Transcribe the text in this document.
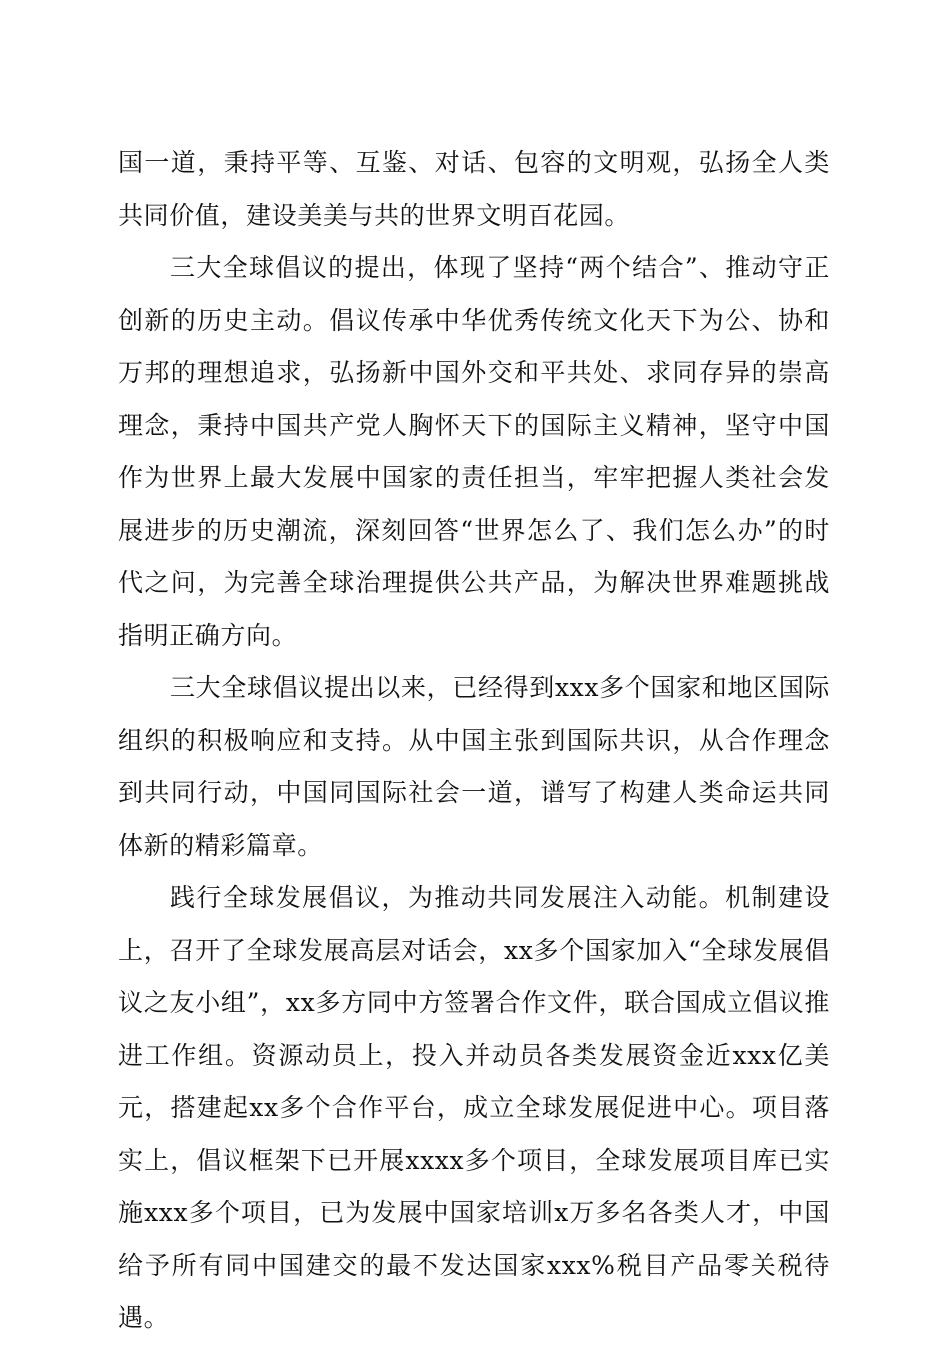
国一道，秉持平等、互鉴、对话、包容的文明观，弘扬全人类共同价值，建设美美与共的世界文明百花园。

三大全球倡议的提出，体现了坚持“两个结合”、推动守正创新的历史主动。倡议传承中华优秀传统文化天下为公、协和万邦的理想追求，弘扬新中国外交和平共处、求同存异的崇高理念，秉持中国共产党人胸怀天下的国际主义精神，坚守中国作为世界上最大发展中国家的责任担当，牢牢把握人类社会发展进步的历史潮流，深刻回答“世界怎么了、我们怎么办”的时代之问，为完善全球治理提供公共产品，为解决世界难题挑战指明正确方向。

三大全球倡议提出以来，已经得到xxx多个国家和地区国际组织的积极响应和支持。从中国主张到国际共识，从合作理念到共同行动，中国同国际社会一道，谱写了构建人类命运共同体新的精彩篇章。

践行全球发展倡议，为推动共同发展注入动能。机制建设上，召开了全球发展高层对话会，xx多个国家加入“全球发展倡议之友小组”，xx多方同中方签署合作文件，联合国成立倡议推进工作组。资源动员上，投入并动员各类发展资金近xxx亿美元，搭建起xx多个合作平台，成立全球发展促进中心。项目落实上，倡议框架下已开展xxxx多个项目，全球发展项目库已实施xxx多个项目，已为发展中国家培训x万多名各类人才，中国给予所有同中国建交的最不发达国家xxx%税目产品零关税待遇。
